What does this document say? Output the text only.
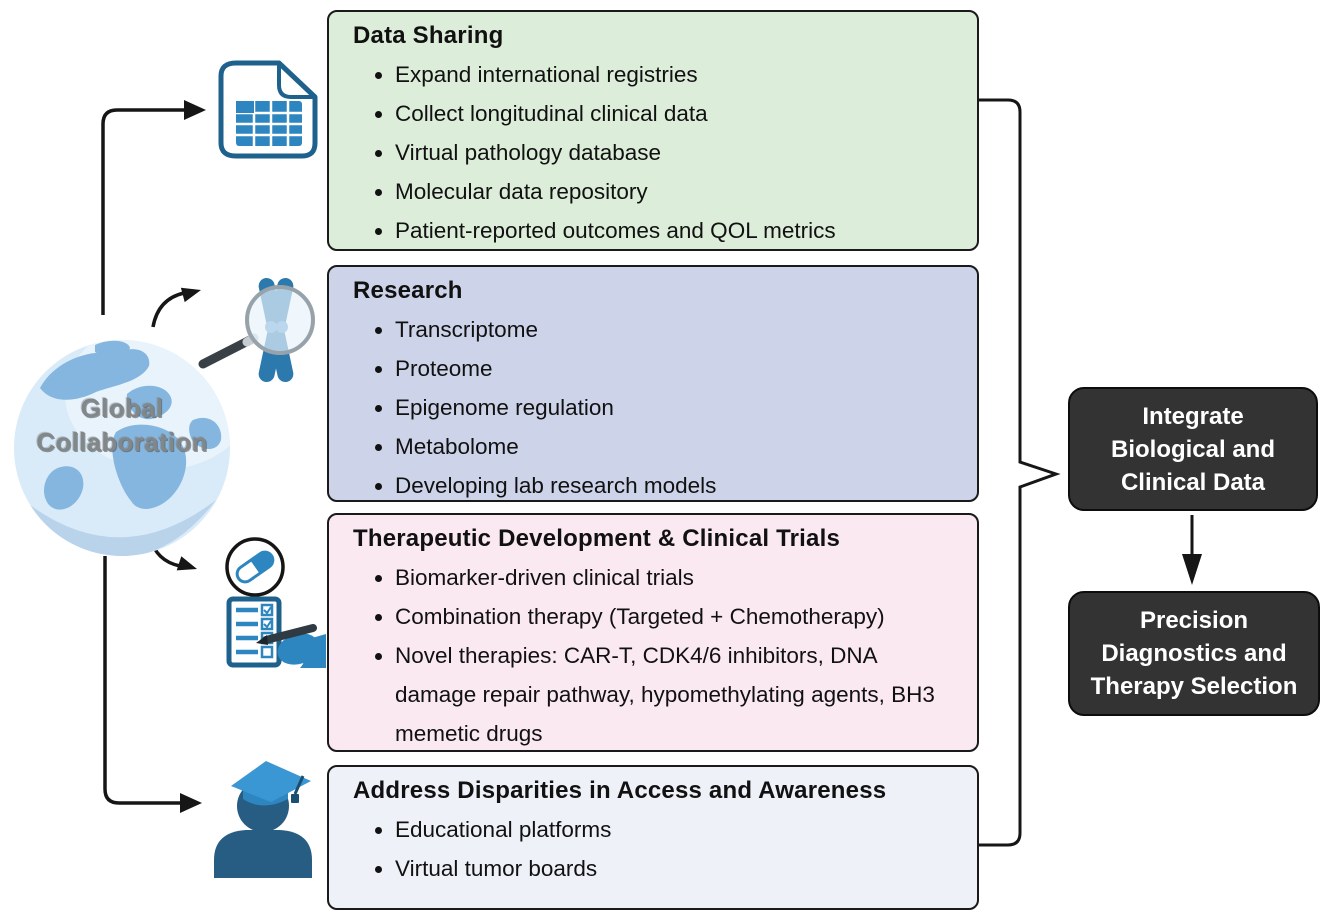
Global
Collaboration
Data Sharing
• Expand international registries
• Collect longitudinal clinical data
• Virtual pathology database
• Molecular data repository
• Patient-reported outcomes and QOL metrics
Research
• Transcriptome
• Proteome
• Epigenome regulation
• Metabolome
• Developing lab research models
Therapeutic Development & Clinical Trials
• Biomarker-driven clinical trials
• Combination therapy (Targeted + Chemotherapy)
• Novel therapies: CAR-T, CDK4/6 inhibitors, DNA damage repair pathway, hypomethylating agents, BH3 memetic drugs
Address Disparities in Access and Awareness
• Educational platforms
• Virtual tumor boards
Integrate
Biological and
Clinical Data
Precision
Diagnostics and
Therapy Selection
